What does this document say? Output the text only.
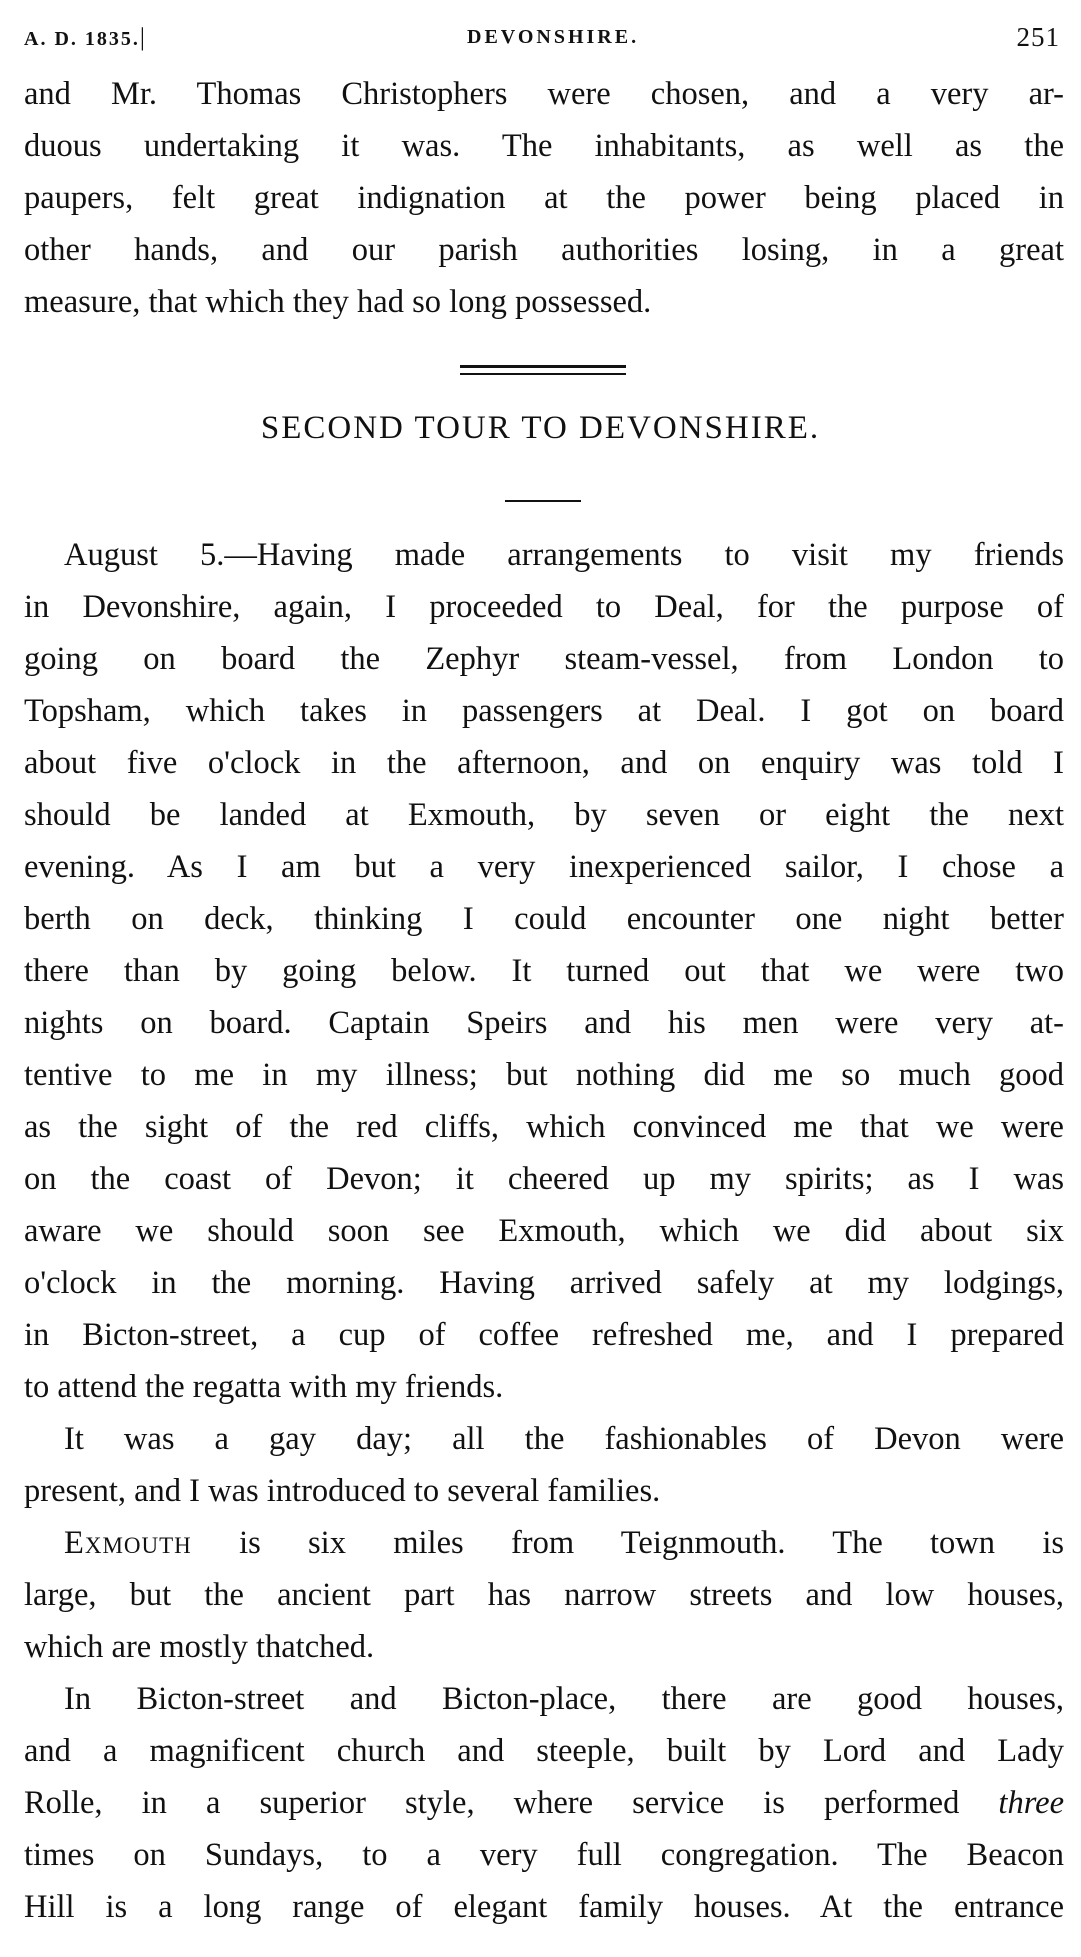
A. D. 1835.|	DEVONSHIRE.	251
and Mr. Thomas Christophers were chosen, and a very ar-
duous undertaking it was. The inhabitants, as well as the
paupers, felt great indignation at the power being placed in
other hands, and our parish authorities losing, in a great
measure, that which they had so long possessed.
SECOND TOUR TO DEVONSHIRE.
August 5.—Having made arrangements to visit my friends
in Devonshire, again, I proceeded to Deal, for the purpose of
going on board the Zephyr steam-vessel, from London to
Topsham, which takes in passengers at Deal. I got on board
about five o'clock in the afternoon, and on enquiry was told I
should be landed at Exmouth, by seven or eight the next
evening. As I am but a very inexperienced sailor, I chose a
berth on deck, thinking I could encounter one night better
there than by going below. It turned out that we were two
nights on board. Captain Speirs and his men were very at-
tentive to me in my illness; but nothing did me so much good
as the sight of the red cliffs, which convinced me that we were
on the coast of Devon; it cheered up my spirits; as I was
aware we should soon see Exmouth, which we did about six
o'clock in the morning. Having arrived safely at my lodgings,
in Bicton-street, a cup of coffee refreshed me, and I prepared
to attend the regatta with my friends.
It was a gay day; all the fashionables of Devon were
present, and I was introduced to several families.
Exmouth is six miles from Teignmouth. The town is
large, but the ancient part has narrow streets and low houses,
which are mostly thatched.
In Bicton-street and Bicton-place, there are good houses,
and a magnificent church and steeple, built by Lord and Lady
Rolle, in a superior style, where service is performed three
times on Sundays, to a very full congregation. The Beacon
Hill is a long range of elegant family houses. At the entrance
